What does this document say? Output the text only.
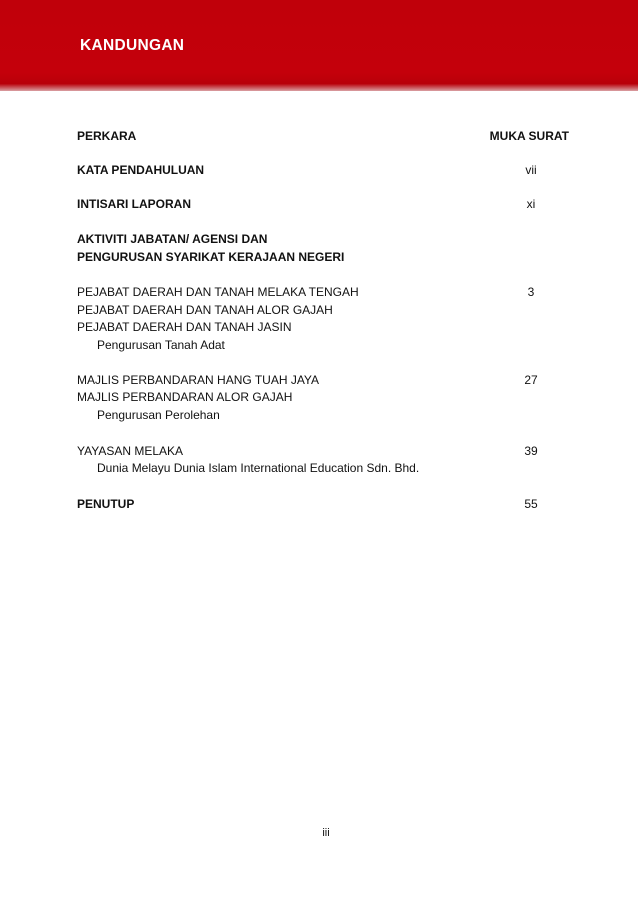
KANDUNGAN
PERKARA	MUKA SURAT
KATA PENDAHULUAN	vii
INTISARI LAPORAN	xi
AKTIVITI JABATAN/ AGENSI DAN
PENGURUSAN SYARIKAT KERAJAAN NEGERI
PEJABAT DAERAH DAN TANAH MELAKA TENGAH	3
PEJABAT DAERAH DAN TANAH ALOR GAJAH
PEJABAT DAERAH DAN TANAH JASIN
Pengurusan Tanah Adat
MAJLIS PERBANDARAN HANG TUAH JAYA	27
MAJLIS PERBANDARAN ALOR GAJAH
Pengurusan Perolehan
YAYASAN MELAKA	39
Dunia Melayu Dunia Islam International Education Sdn. Bhd.
PENUTUP	55
iii
